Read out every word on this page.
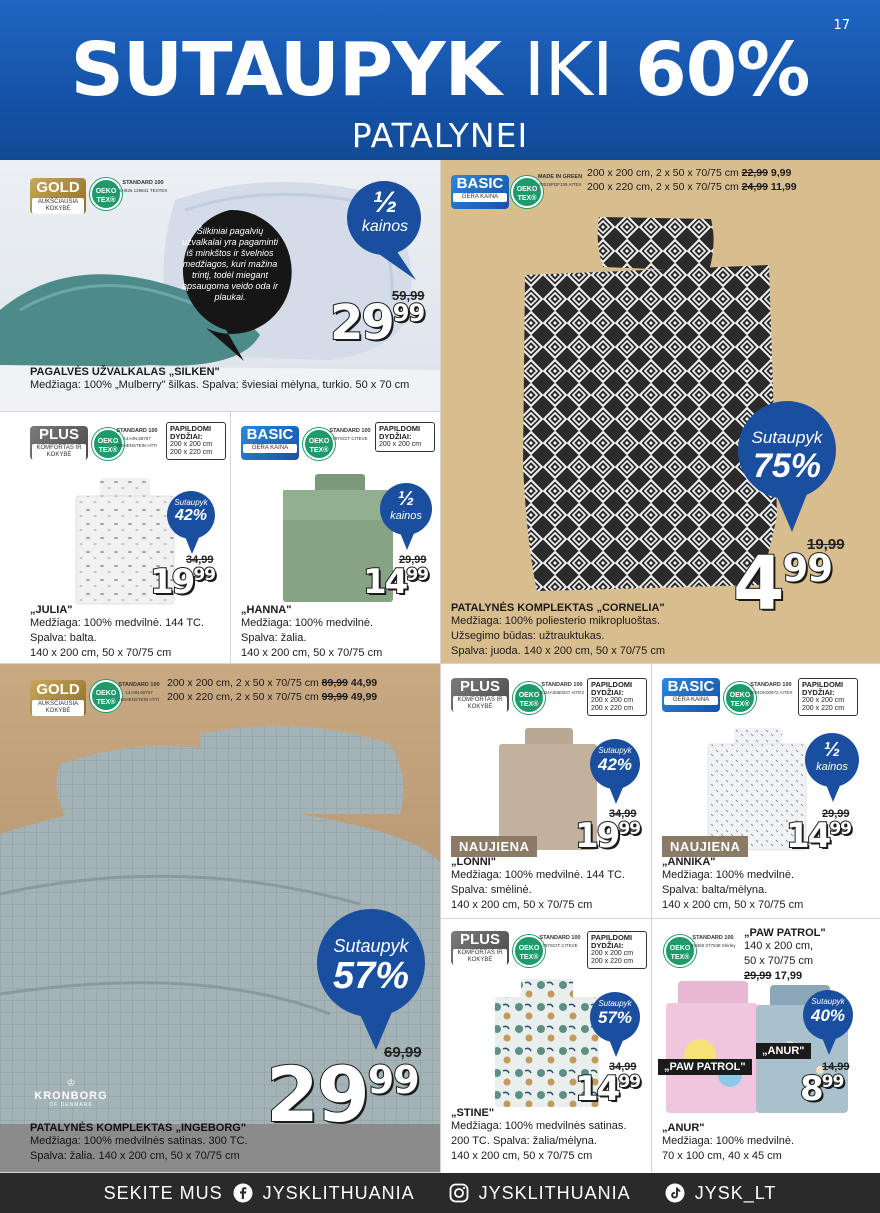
17
SUTAUPYK IKI 60%
PATALYNEI
GOLD
AUKŠČIAUSIA KOKYBĖ
OEKO TEX®
STANDARD 100
SH025 129841 TESTEX
Šilkiniai pagalvių užvalkalai yra pagaminti iš minkštos ir švelnios medžiagos, kuri mažina trintį, todėl miegant apsaugoma veido oda ir plaukai.
½
kainos
59,99
$29^{99}$
PAGALVĖS UŽVALKALAS „SILKEN"
Medžiaga: 100% „Mulberry" šilkas. Spalva: šviesiai mėlyna, turkio. 50 x 70 cm
BASIC
GERA KAINA
OEKO TEX®
MADE IN GREEN
20519PDF135 AITEX
200 x 200 cm, 2 x 50 x 70/75 cm 22,99 9,99
200 x 220 cm, 2 x 50 x 70/75 cm 24,99 11,99
Sutaupyk
75%
19,99
$4^{99}$
PATALYNĖS KOMPLEKTAS „CORNELIA"
Medžiaga: 100% poliesterio mikropluoštas.
Užsegimo būdas: užtrauktukas.
Spalva: juoda. 140 x 200 cm, 50 x 70/75 cm
PLUS
KOMFORTAS IR KOKYBĖ
OEKO TEX®
STANDARD 100
14.HIN.68767 HOHENSTEIN HTTI
PAPILDOMI DYDŽIAI:
200 x 200 cm
200 x 220 cm
Sutaupyk
42%
34,99
$19^{99}$
„JULIA"
Medžiaga: 100% medvilnė. 144 TC.
Spalva: balta.
140 x 200 cm, 50 x 70/75 cm
BASIC
GERA KAINA
OEKO TEX®
STANDARD 100
797SCIT CITEVE
PAPILDOMI DYDŽIAI:
200 x 200 cm
½
kainos
29,99
$14^{99}$
„HANNA"
Medžiaga: 100% medvilnė.
Spalva: žalia.
140 x 200 cm, 50 x 70/75 cm
GOLD
AUKŠČIAUSIA KOKYBĖ
OEKO TEX®
STANDARD 100
14.HIN.68767 HOHENSTEIN HTTI
200 x 200 cm, 2 x 50 x 70/75 cm 89,99 44,99
200 x 220 cm, 2 x 50 x 70/75 cm 99,99 49,99
Sutaupyk
57%
69,99
$29^{99}$
♔
KRONBORG
OF DENMARK
PATALYNĖS KOMPLEKTAS „INGEBORG"
Medžiaga: 100% medvilnės satinas. 300 TC.
Spalva: žalia. 140 x 200 cm, 50 x 70/75 cm
PLUS
KOMFORTAS IR KOKYBĖ
OEKO TEX®
STANDARD 100
2024A0060037 AITEX
PAPILDOMI DYDŽIAI:
200 x 200 cm
200 x 220 cm
Sutaupyk
42%
34,99
$19^{99}$
NAUJIENA
„LONNI"
Medžiaga: 100% medvilnė. 144 TC.
Spalva: smėlinė.
140 x 200 cm, 50 x 70/75 cm
BASIC
GERA KAINA
OEKO TEX®
STANDARD 100
2024OK00972 AITEX
PAPILDOMI DYDŽIAI:
200 x 200 cm
200 x 220 cm
½
kainos
29,99
$14^{99}$
NAUJIENA
„ANNIKA"
Medžiaga: 100% medvilnė.
Spalva: balta/mėlyna.
140 x 200 cm, 50 x 70/75 cm
PLUS
KOMFORTAS IR KOKYBĖ
OEKO TEX®
STANDARD 100
797SCIT CITEVE
PAPILDOMI DYDŽIAI:
200 x 200 cm
200 x 220 cm
Sutaupyk
57%
34,99
$14^{99}$
„STINE"
Medžiaga: 100% medvilnės satinas.
200 TC. Spalva: žalia/mėlyna.
140 x 200 cm, 50 x 70/75 cm
OEKO TEX®
STANDARD 100
SH460 077638 Shirley
„PAW PATROL"
140 x 200 cm,
50 x 70/75 cm
29,99 17,99
„PAW PATROL"
„ANUR"
Sutaupyk
40%
14,99
$8^{99}$
„ANUR"
Medžiaga: 100% medvilnė.
70 x 100 cm, 40 x 45 cm
SEKITE MUS JYSKLITHUANIA	JYSKLITHUANIA	JYSK_LT
